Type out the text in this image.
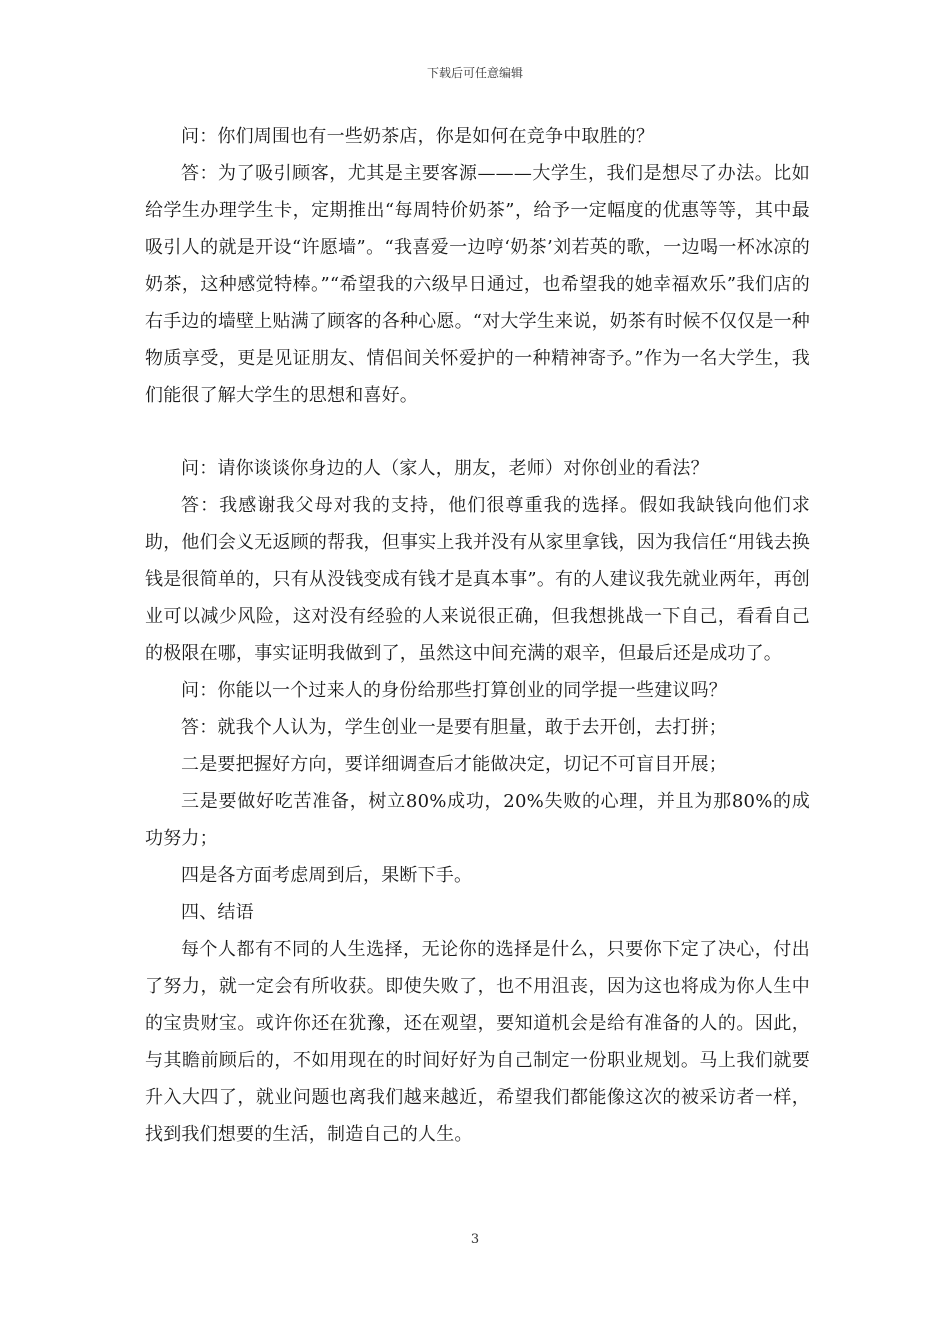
下载后可任意编辑

问：你们周围也有一些奶茶店，你是如何在竞争中取胜的？

答：为了吸引顾客，尤其是主要客源———大学生，我们是想尽了办法。比如给学生办理学生卡，定期推出“每周特价奶茶”，给予一定幅度的优惠等等，其中最吸引人的就是开设“许愿墙”。“我喜爱一边哼‘奶茶’刘若英的歌，一边喝一杯冰凉的奶茶，这种感觉特棒。”“希望我的六级早日通过，也希望我的她幸福欢乐”我们店的右手边的墙壁上贴满了顾客的各种心愿。“对大学生来说，奶茶有时候不仅仅是一种物质享受，更是见证朋友、情侣间关怀爱护的一种精神寄予。”作为一名大学生，我们能很了解大学生的思想和喜好。

问：请你谈谈你身边的人（家人，朋友，老师）对你创业的看法？

答：我感谢我父母对我的支持，他们很尊重我的选择。假如我缺钱向他们求助，他们会义无返顾的帮我，但事实上我并没有从家里拿钱，因为我信任“用钱去换钱是很简单的，只有从没钱变成有钱才是真本事”。有的人建议我先就业两年，再创业可以减少风险，这对没有经验的人来说很正确，但我想挑战一下自己，看看自己的极限在哪，事实证明我做到了，虽然这中间充满的艰辛，但最后还是成功了。

问：你能以一个过来人的身份给那些打算创业的同学提一些建议吗？

答：就我个人认为，学生创业一是要有胆量，敢于去开创，去打拼；

二是要把握好方向，要详细调查后才能做决定，切记不可盲目开展；

三是要做好吃苦准备，树立80%成功，20%失败的心理，并且为那80%的成功努力；

四是各方面考虑周到后，果断下手。

四、结语

每个人都有不同的人生选择，无论你的选择是什么，只要你下定了决心，付出了努力，就一定会有所收获。即使失败了，也不用沮丧，因为这也将成为你人生中的宝贵财宝。或许你还在犹豫，还在观望，要知道机会是给有准备的人的。因此，与其瞻前顾后的，不如用现在的时间好好为自己制定一份职业规划。马上我们就要升入大四了，就业问题也离我们越来越近，希望我们都能像这次的被采访者一样，找到我们想要的生活，制造自己的人生。

3
